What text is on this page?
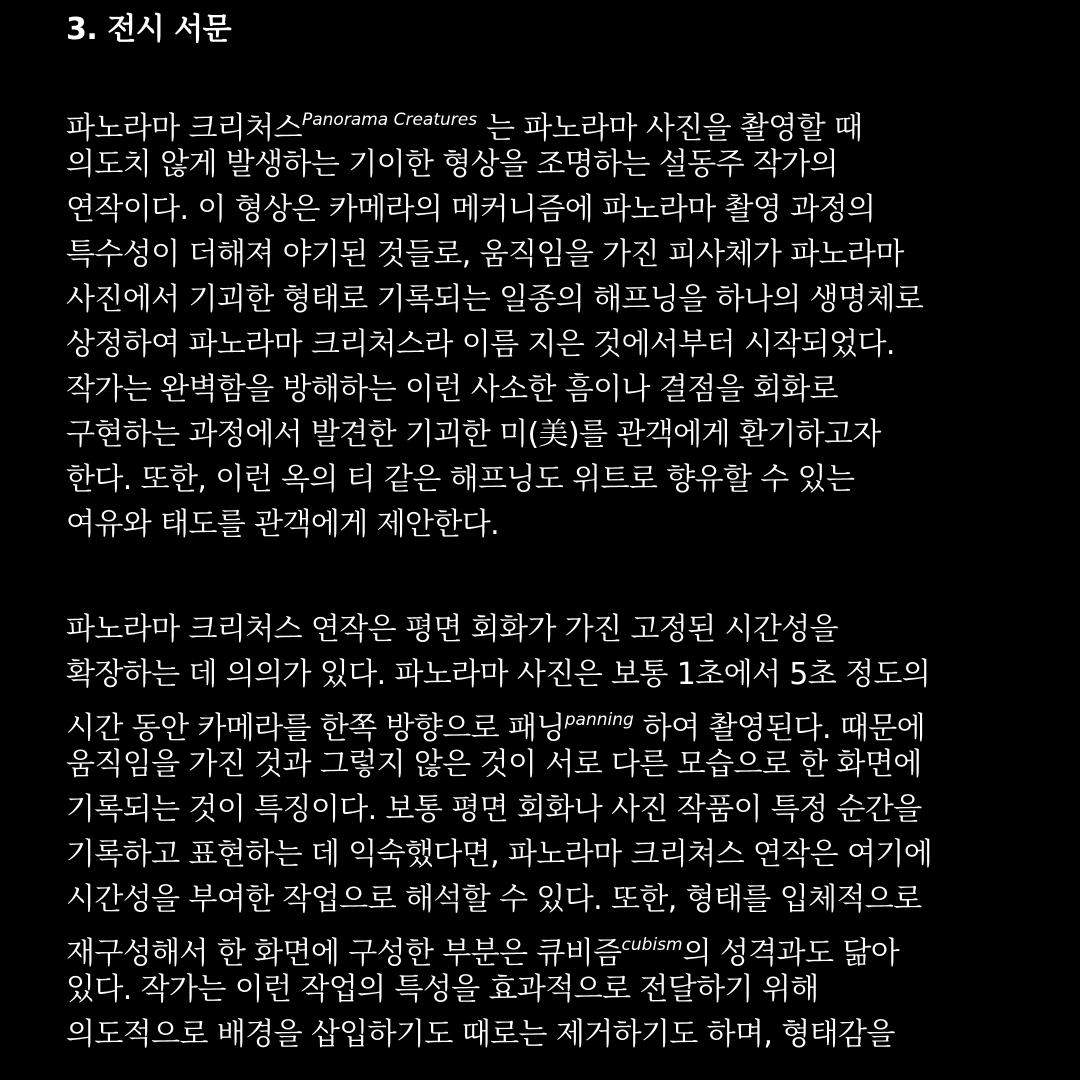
3. 전시 서문

파노라마 크리처스$^{Panorama Creatures}$ 는 파노라마 사진을 촬영할 때

의도치 않게 발생하는 기이한 형상을 조명하는 설동주 작가의

연작이다. 이 형상은 카메라의 메커니즘에 파노라마 촬영 과정의

특수성이 더해져 야기된 것들로, 움직임을 가진 피사체가 파노라마

사진에서 기괴한 형태로 기록되는 일종의 해프닝을 하나의 생명체로

상정하여 파노라마 크리처스라 이름 지은 것에서부터 시작되었다.

작가는 완벽함을 방해하는 이런 사소한 흠이나 결점을 회화로

구현하는 과정에서 발견한 기괴한 미(美)를 관객에게 환기하고자

한다. 또한, 이런 옥의 티 같은 해프닝도 위트로 향유할 수 있는

여유와 태도를 관객에게 제안한다.

파노라마 크리처스 연작은 평면 회화가 가진 고정된 시간성을

확장하는 데 의의가 있다. 파노라마 사진은 보통 1초에서 5초 정도의

시간 동안 카메라를 한쪽 방향으로 패닝$^{panning}$ 하여 촬영된다. 때문에

움직임을 가진 것과 그렇지 않은 것이 서로 다른 모습으로 한 화면에

기록되는 것이 특징이다. 보통 평면 회화나 사진 작품이 특정 순간을

기록하고 표현하는 데 익숙했다면, 파노라마 크리쳐스 연작은 여기에

시간성을 부여한 작업으로 해석할 수 있다. 또한, 형태를 입체적으로

재구성해서 한 화면에 구성한 부분은 큐비즘$^{cubism}$의 성격과도 닮아

있다. 작가는 이런 작업의 특성을 효과적으로 전달하기 위해

의도적으로 배경을 삽입하기도 때로는 제거하기도 하며, 형태감을
